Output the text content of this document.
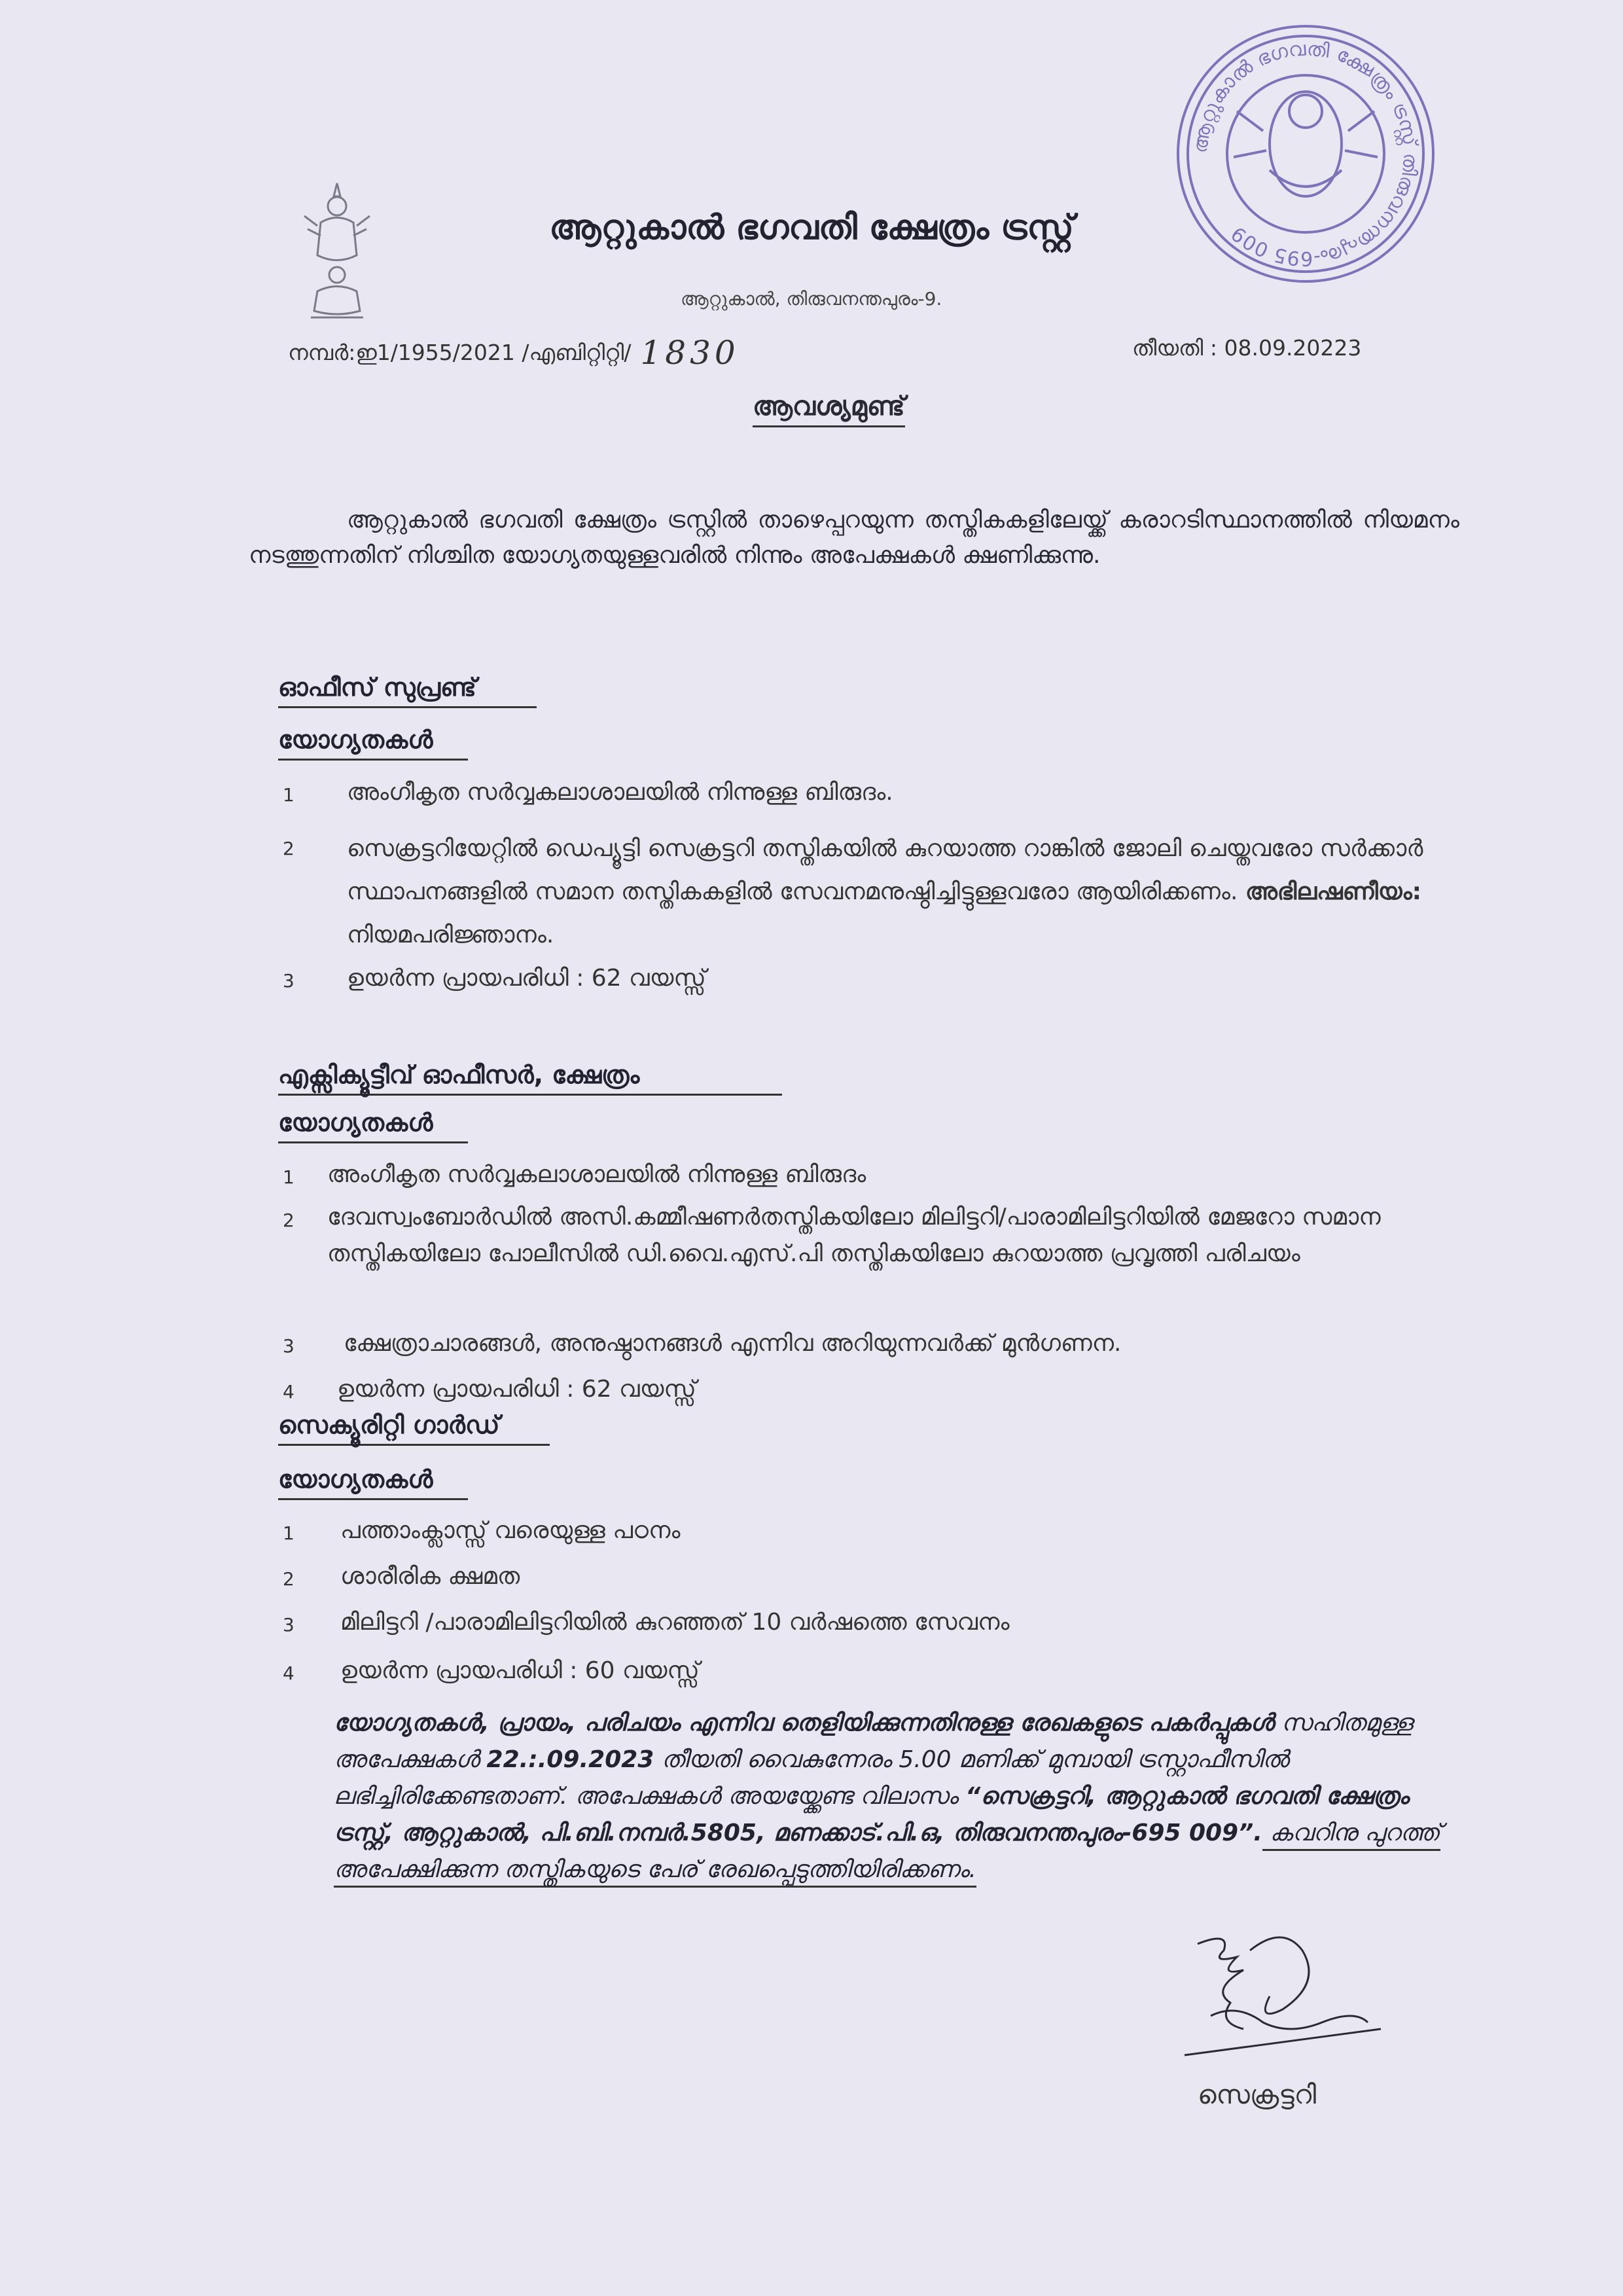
ആറ്റുകാൽ ഭഗവതി ക്ഷേത്രം ട്രസ്റ്റ് തിരുവനന്തപുരം-695 009
ആറ്റുകാൽ ഭഗവതി ക്ഷേത്രം ട്രസ്റ്റ്
ആറ്റുകാൽ, തിരുവനന്തപുരം-9.
നമ്പർ:ഇ1/1955/2021 /എബിറ്റിറ്റി/ 1830	തീയതി : 08.09.20223
ആവശ്യമുണ്ട്
ആറ്റുകാൽ ഭഗവതി ക്ഷേത്രം ട്രസ്റ്റിൽ താഴെപ്പറയുന്ന തസ്തികകളിലേയ്ക്ക് കരാറടിസ്ഥാനത്തിൽ നിയമനം നടത്തുന്നതിന് നിശ്ചിത യോഗ്യതയുള്ളവരിൽ നിന്നും അപേക്ഷകൾ ക്ഷണിക്കുന്നു.
ഓഫീസ് സുപ്രണ്ട്
യോഗ്യതകൾ
1 അംഗീകൃത സർവ്വകലാശാലയിൽ നിന്നുള്ള ബിരുദം.
2 സെക്രട്ടറിയേറ്റിൽ ഡെപ്യൂട്ടി സെക്രട്ടറി തസ്തികയിൽ കുറയാത്ത റാങ്കിൽ ജോലി ചെയ്തവരോ സർക്കാർ സ്ഥാപനങ്ങളിൽ സമാന തസ്തികകളിൽ സേവനമനുഷ്ഠിച്ചിട്ടുള്ളവരോ ആയിരിക്കണം. അഭിലഷണീയം: നിയമപരിജ്ഞാനം.
3 ഉയർന്ന പ്രായപരിധി : 62 വയസ്സ്
എക്സിക്യൂട്ടീവ് ഓഫീസർ, ക്ഷേത്രം
യോഗ്യതകൾ
1 അംഗീകൃത സർവ്വകലാശാലയിൽ നിന്നുള്ള ബിരുദം
2 ദേവസ്വംബോർഡിൽ അസി.കമ്മീഷണർതസ്തികയിലോ മിലിട്ടറി/പാരാമിലിട്ടറിയിൽ മേജറോ സമാന തസ്തികയിലോ പോലീസിൽ ഡി.വൈ.എസ്.പി തസ്തികയിലോ കുറയാത്ത പ്രവൃത്തി പരിചയം
3 ക്ഷേത്രാചാരങ്ങൾ, അനുഷ്ഠാനങ്ങൾ എന്നിവ അറിയുന്നവർക്ക് മുൻഗണന.
4 ഉയർന്ന പ്രായപരിധി : 62 വയസ്സ്
സെക്യൂരിറ്റി ഗാർഡ്
യോഗ്യതകൾ
1 പത്താംക്ലാസ്സ് വരെയുള്ള പഠനം
2 ശാരീരിക ക്ഷമത
3 മിലിട്ടറി /പാരാമിലിട്ടറിയിൽ കുറഞ്ഞത് 10 വർഷത്തെ സേവനം
4 ഉയർന്ന പ്രായപരിധി : 60 വയസ്സ്
യോഗ്യതകൾ, പ്രായം, പരിചയം എന്നിവ തെളിയിക്കുന്നതിനുള്ള രേഖകളുടെ പകർപ്പുകൾ സഹിതമുള്ള അപേക്ഷകൾ 22.:.09.2023 തീയതി വൈകുന്നേരം 5.00 മണിക്ക് മുമ്പായി ട്രസ്റ്റാഫീസിൽ ലഭിച്ചിരിക്കേണ്ടതാണ്. അപേക്ഷകൾ അയയ്ക്കേണ്ട വിലാസം “സെക്രട്ടറി, ആറ്റുകാൽ ഭഗവതി ക്ഷേത്രം ട്രസ്റ്റ്, ആറ്റുകാൽ, പി.ബി.നമ്പർ.5805, മണക്കാട്.പി.ഒ, തിരുവനന്തപുരം-695 009”. കവറിനു പുറത്ത് അപേക്ഷിക്കുന്ന തസ്തികയുടെ പേര് രേഖപ്പെടുത്തിയിരിക്കണം.
സെക്രട്ടറി
